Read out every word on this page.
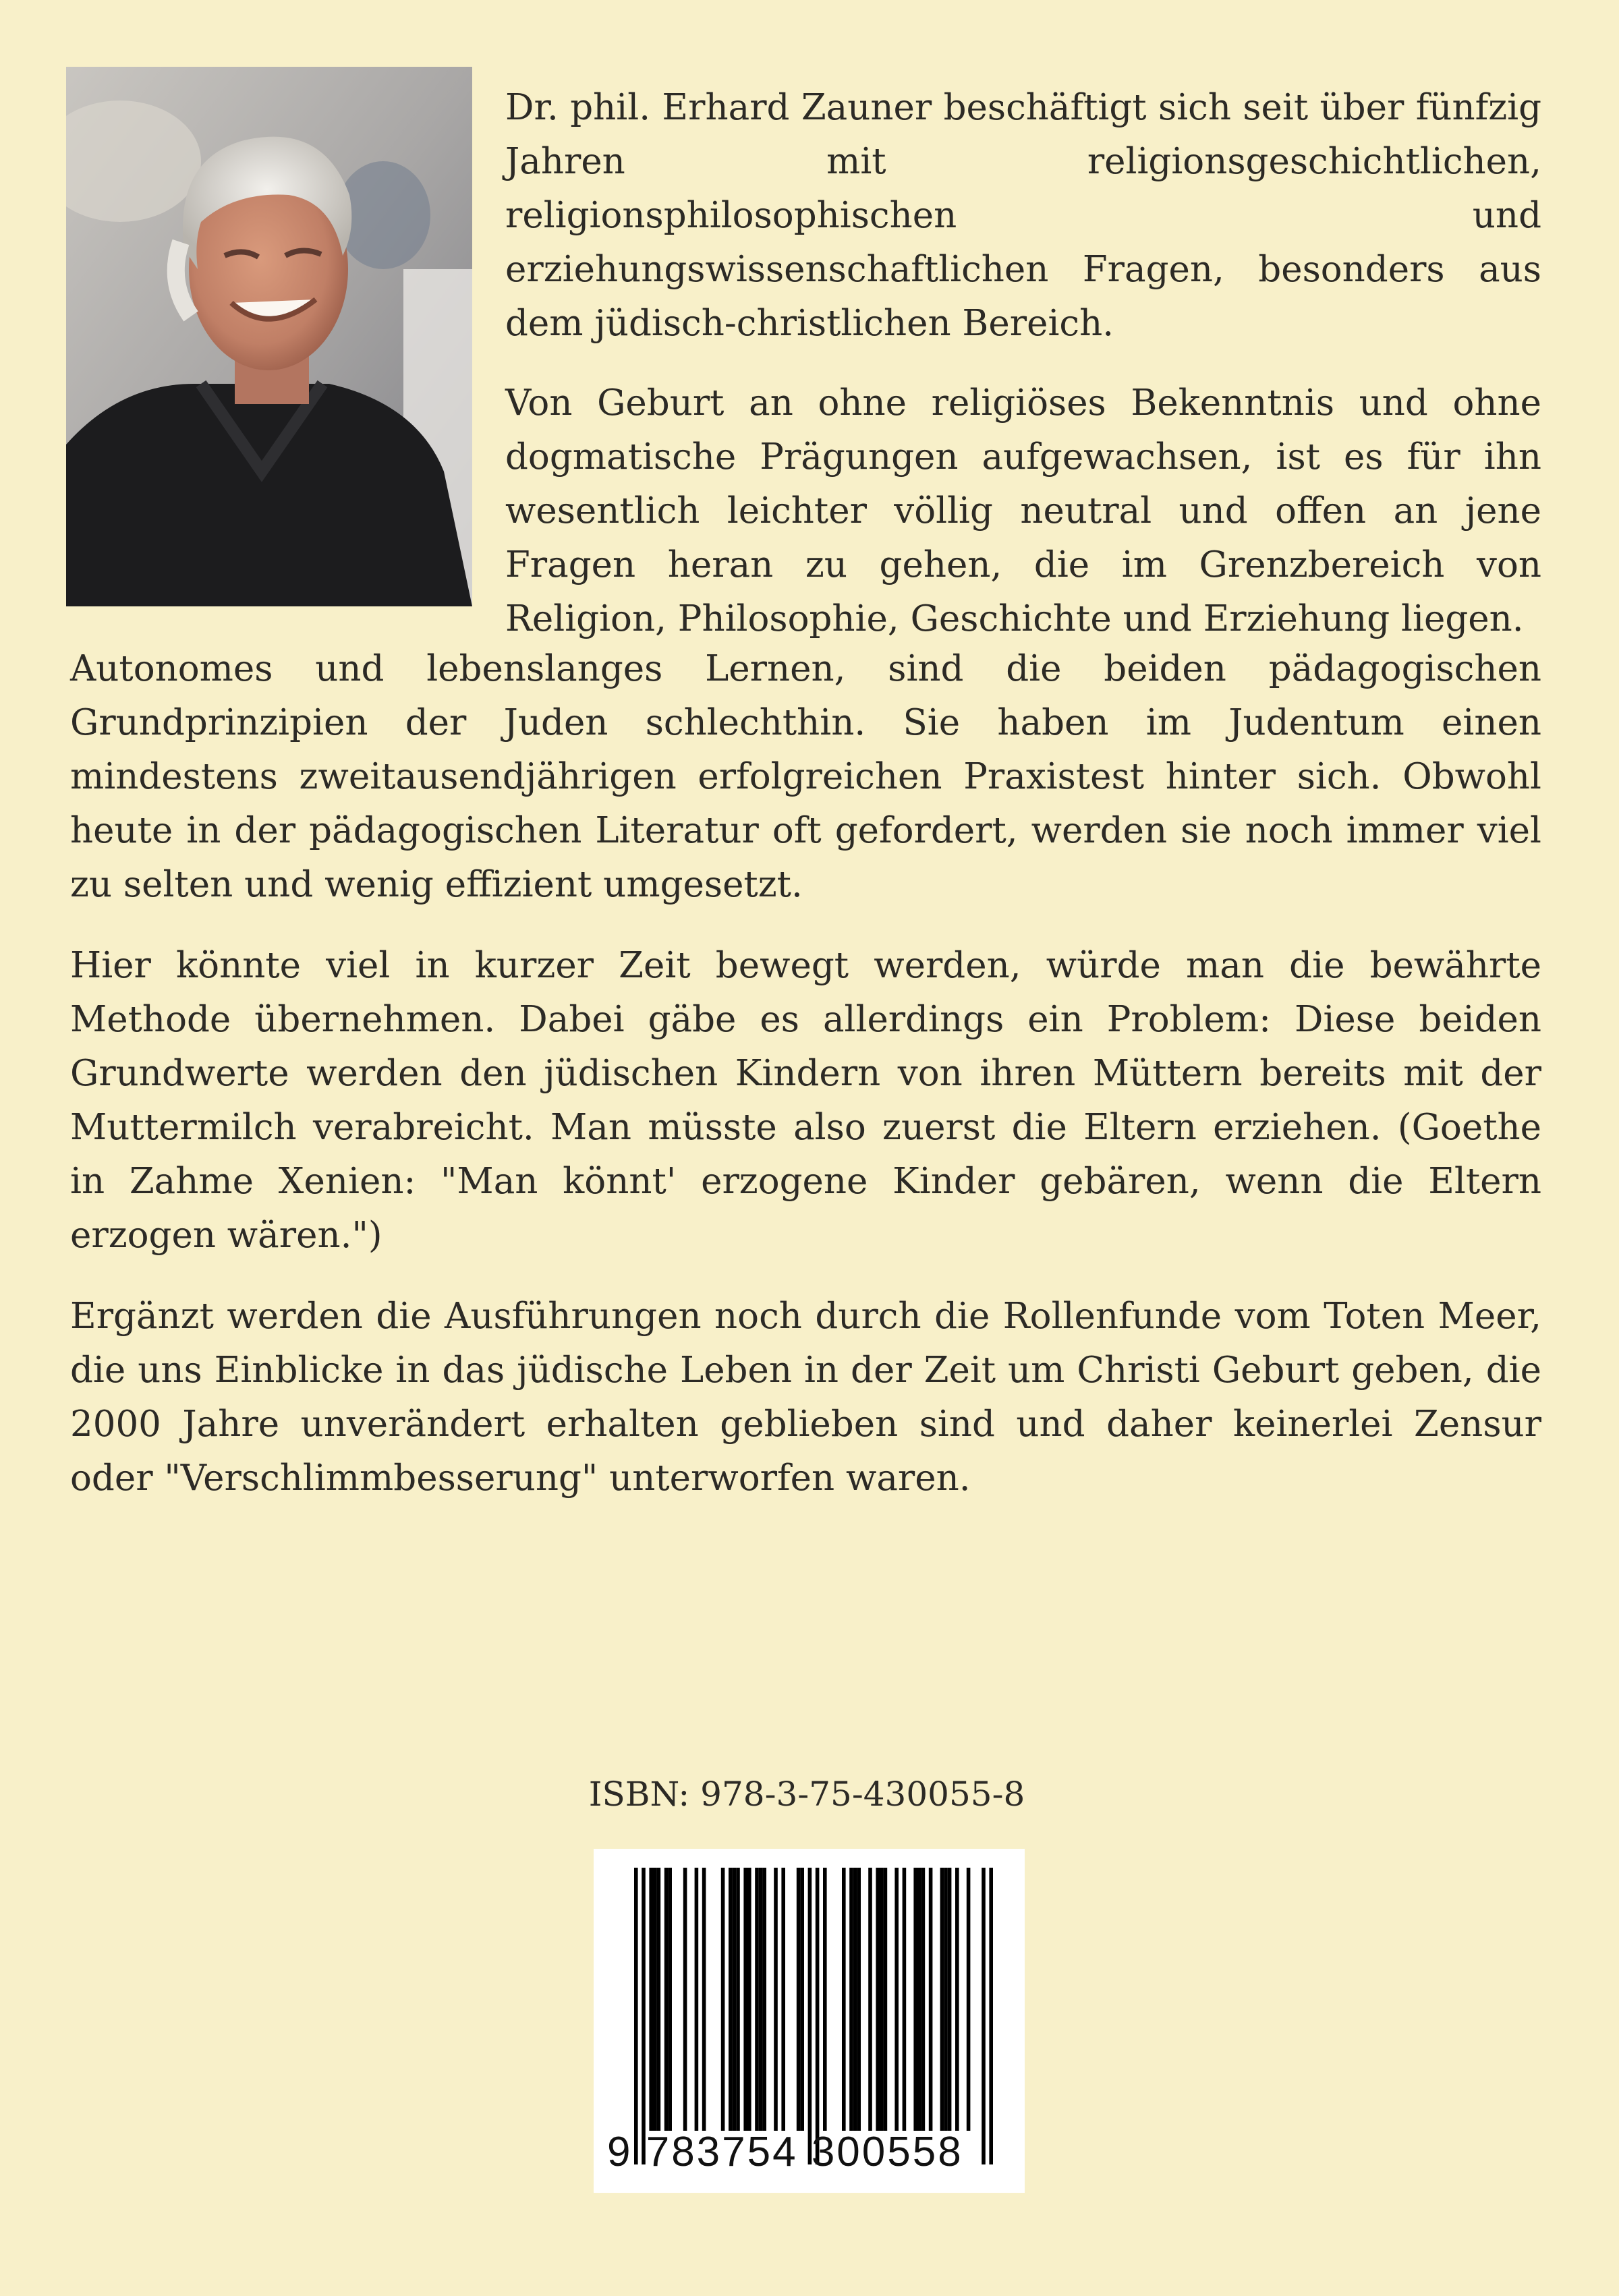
Dr. phil. Erhard Zauner beschäftigt sich seit über fünfzig Jahren mit religionsgeschichtlichen, religionsphilosophischen und erziehungswissenschaftlichen Fragen, besonders aus dem jüdisch-christlichen Bereich.

Von Geburt an ohne religiöses Bekenntnis und ohne dogmatische Prägungen aufgewachsen, ist es für ihn wesentlich leichter völlig neutral und offen an jene Fragen heran zu gehen, die im Grenzbereich von Religion, Philosophie, Geschichte und Erziehung liegen.

Autonomes und lebenslanges Lernen, sind die beiden pädagogischen Grundprinzipien der Juden schlechthin. Sie haben im Judentum einen mindestens zweitausendjährigen erfolgreichen Praxistest hinter sich. Obwohl heute in der pädagogischen Literatur oft gefordert, werden sie noch immer viel zu selten und wenig effizient umgesetzt.

Hier könnte viel in kurzer Zeit bewegt werden, würde man die bewährte Methode übernehmen. Dabei gäbe es allerdings ein Problem: Diese beiden Grundwerte werden den jüdischen Kindern von ihren Müttern bereits mit der Muttermilch verabreicht. Man müsste also zuerst die Eltern erziehen. (Goethe in Zahme Xenien: "Man könnt' erzogene Kinder gebären, wenn die Eltern erzogen wären.")

Ergänzt werden die Ausführungen noch durch die Rollenfunde vom Toten Meer, die uns Einblicke in das jüdische Leben in der Zeit um Christi Geburt geben, die 2000 Jahre unverändert erhalten geblieben sind und daher keinerlei Zensur oder "Verschlimmbesserung" unterworfen waren.

ISBN: 978-3-75-430055-8
9 783754 300558
